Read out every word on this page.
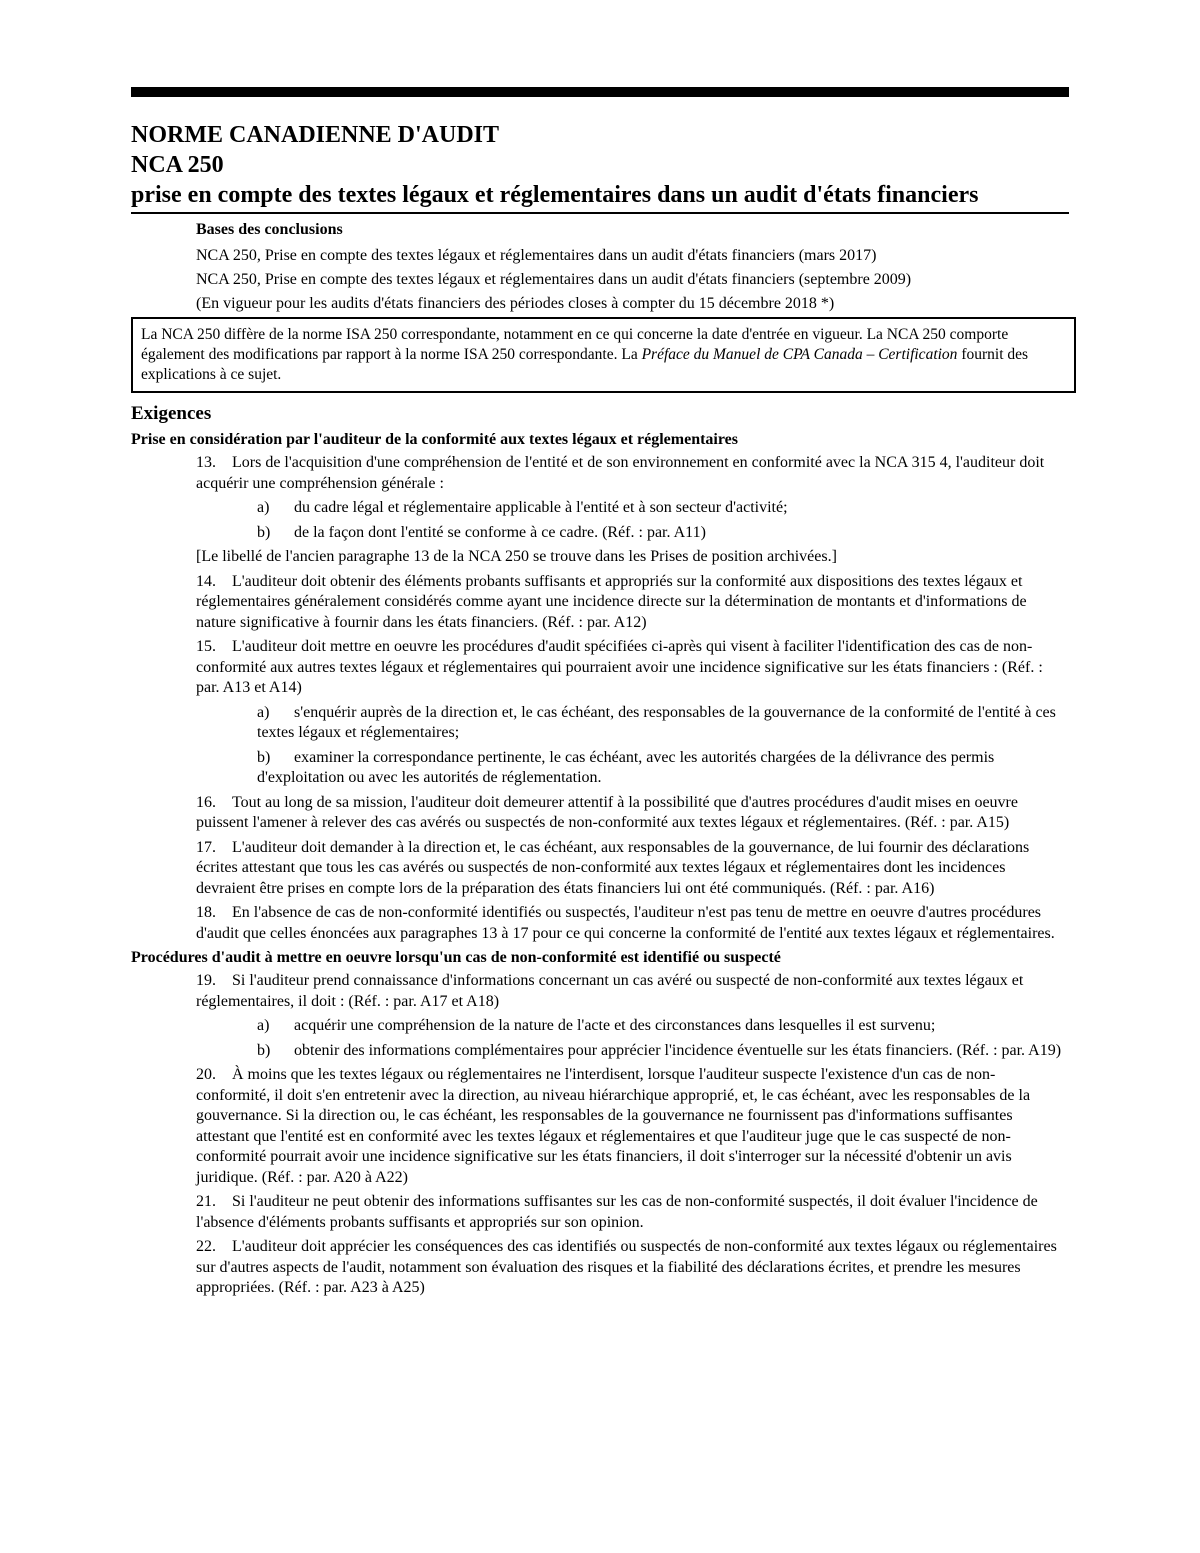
NORME CANADIENNE D'AUDIT
NCA 250
prise en compte des textes légaux et réglementaires dans un audit d'états financiers
Bases des conclusions
NCA 250, Prise en compte des textes légaux et réglementaires dans un audit d'états financiers (mars 2017)
NCA 250, Prise en compte des textes légaux et réglementaires dans un audit d'états financiers (septembre 2009)
(En vigueur pour les audits d'états financiers des périodes closes à compter du 15 décembre 2018 *)
La NCA 250 diffère de la norme ISA 250 correspondante, notamment en ce qui concerne la date d'entrée en vigueur. La NCA 250 comporte également des modifications par rapport à la norme ISA 250 correspondante. La Préface du Manuel de CPA Canada – Certification fournit des explications à ce sujet.
Exigences
Prise en considération par l'auditeur de la conformité aux textes légaux et réglementaires
13. Lors de l'acquisition d'une compréhension de l'entité et de son environnement en conformité avec la NCA 315 4, l'auditeur doit acquérir une compréhension générale :
a) du cadre légal et réglementaire applicable à l'entité et à son secteur d'activité;
b) de la façon dont l'entité se conforme à ce cadre. (Réf. : par. A11)
[Le libellé de l'ancien paragraphe 13 de la NCA 250 se trouve dans les Prises de position archivées.]
14. L'auditeur doit obtenir des éléments probants suffisants et appropriés sur la conformité aux dispositions des textes légaux et réglementaires généralement considérés comme ayant une incidence directe sur la détermination de montants et d'informations de nature significative à fournir dans les états financiers. (Réf. : par. A12)
15. L'auditeur doit mettre en oeuvre les procédures d'audit spécifiées ci-après qui visent à faciliter l'identification des cas de non-conformité aux autres textes légaux et réglementaires qui pourraient avoir une incidence significative sur les états financiers : (Réf. : par. A13 et A14)
a) s'enquérir auprès de la direction et, le cas échéant, des responsables de la gouvernance de la conformité de l'entité à ces textes légaux et réglementaires;
b) examiner la correspondance pertinente, le cas échéant, avec les autorités chargées de la délivrance des permis d'exploitation ou avec les autorités de réglementation.
16. Tout au long de sa mission, l'auditeur doit demeurer attentif à la possibilité que d'autres procédures d'audit mises en oeuvre puissent l'amener à relever des cas avérés ou suspectés de non-conformité aux textes légaux et réglementaires. (Réf. : par. A15)
17. L'auditeur doit demander à la direction et, le cas échéant, aux responsables de la gouvernance, de lui fournir des déclarations écrites attestant que tous les cas avérés ou suspectés de non-conformité aux textes légaux et réglementaires dont les incidences devraient être prises en compte lors de la préparation des états financiers lui ont été communiqués. (Réf. : par. A16)
18. En l'absence de cas de non-conformité identifiés ou suspectés, l'auditeur n'est pas tenu de mettre en oeuvre d'autres procédures d'audit que celles énoncées aux paragraphes 13 à 17 pour ce qui concerne la conformité de l'entité aux textes légaux et réglementaires.
Procédures d'audit à mettre en oeuvre lorsqu'un cas de non-conformité est identifié ou suspecté
19. Si l'auditeur prend connaissance d'informations concernant un cas avéré ou suspecté de non-conformité aux textes légaux et réglementaires, il doit : (Réf. : par. A17 et A18)
a) acquérir une compréhension de la nature de l'acte et des circonstances dans lesquelles il est survenu;
b) obtenir des informations complémentaires pour apprécier l'incidence éventuelle sur les états financiers. (Réf. : par. A19)
20. À moins que les textes légaux ou réglementaires ne l'interdisent, lorsque l'auditeur suspecte l'existence d'un cas de non-conformité, il doit s'en entretenir avec la direction, au niveau hiérarchique approprié, et, le cas échéant, avec les responsables de la gouvernance. Si la direction ou, le cas échéant, les responsables de la gouvernance ne fournissent pas d'informations suffisantes attestant que l'entité est en conformité avec les textes légaux et réglementaires et que l'auditeur juge que le cas suspecté de non-conformité pourrait avoir une incidence significative sur les états financiers, il doit s'interroger sur la nécessité d'obtenir un avis juridique. (Réf. : par. A20 à A22)
21. Si l'auditeur ne peut obtenir des informations suffisantes sur les cas de non-conformité suspectés, il doit évaluer l'incidence de l'absence d'éléments probants suffisants et appropriés sur son opinion.
22. L'auditeur doit apprécier les conséquences des cas identifiés ou suspectés de non-conformité aux textes légaux ou réglementaires sur d'autres aspects de l'audit, notamment son évaluation des risques et la fiabilité des déclarations écrites, et prendre les mesures appropriées. (Réf. : par. A23 à A25)
